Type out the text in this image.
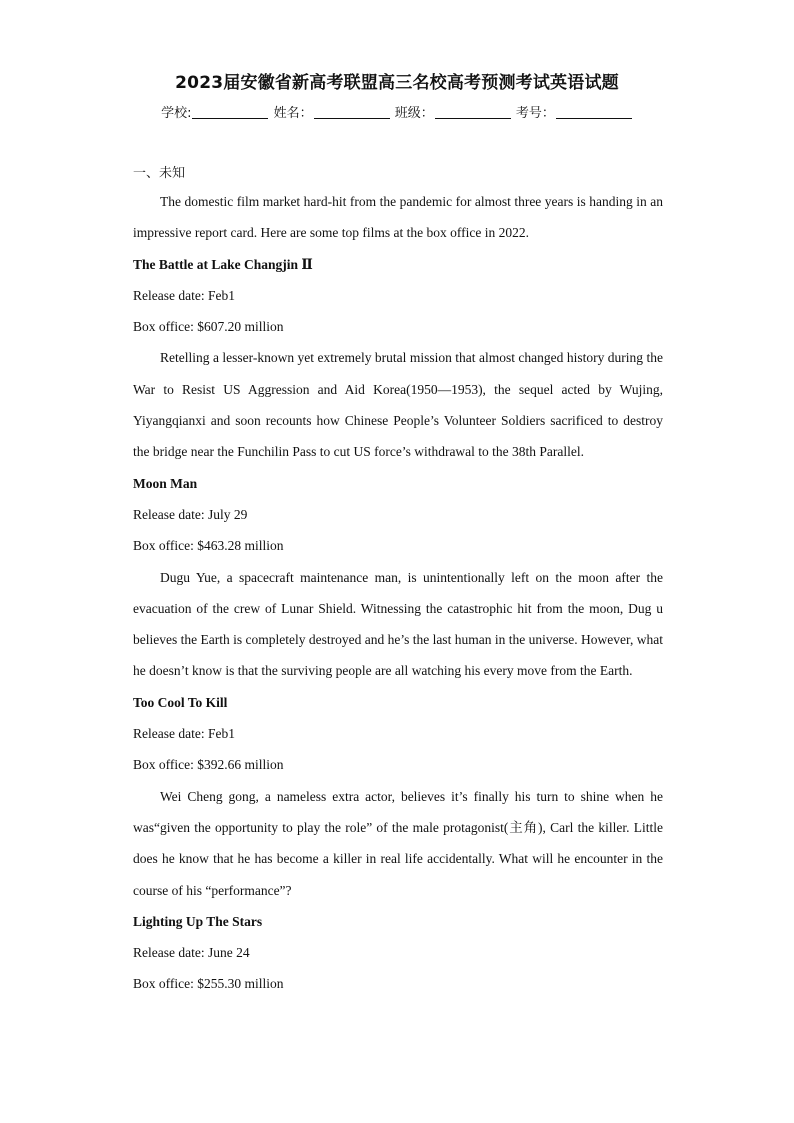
2023届安徽省新高考联盟高三名校高考预测考试英语试题
学校:	姓名：	班级：	考号：
一、未知
The domestic film market hard-hit from the pandemic for almost three years is handing in an impressive report card. Here are some top films at the box office in 2022.
The Battle at Lake Changjin Ⅱ
Release date: Feb1
Box office: $607.20 million
Retelling a lesser-known yet extremely brutal mission that almost changed history during the War to Resist US Aggression and Aid Korea(1950—1953), the sequel acted by Wujing, Yiyangqianxi and soon recounts how Chinese People’s Volunteer Soldiers sacrificed to destroy the bridge near the Funchilin Pass to cut US force’s withdrawal to the 38th Parallel.
Moon Man
Release date: July 29
Box office: $463.28 million
Dugu Yue, a spacecraft maintenance man, is unintentionally left on the moon after the evacuation of the crew of Lunar Shield. Witnessing the catastrophic hit from the moon, Dug u believes the Earth is completely destroyed and he’s the last human in the universe. However, what he doesn’t know is that the surviving people are all watching his every move from the Earth.
Too Cool To Kill
Release date: Feb1
Box office: $392.66 million
Wei Cheng gong, a nameless extra actor, believes it’s finally his turn to shine when he was“given the opportunity to play the role” of the male protagonist(主角), Carl the killer. Little does he know that he has become a killer in real life accidentally. What will he encounter in the course of his “performance”?
Lighting Up The Stars
Release date: June 24
Box office: $255.30 million
